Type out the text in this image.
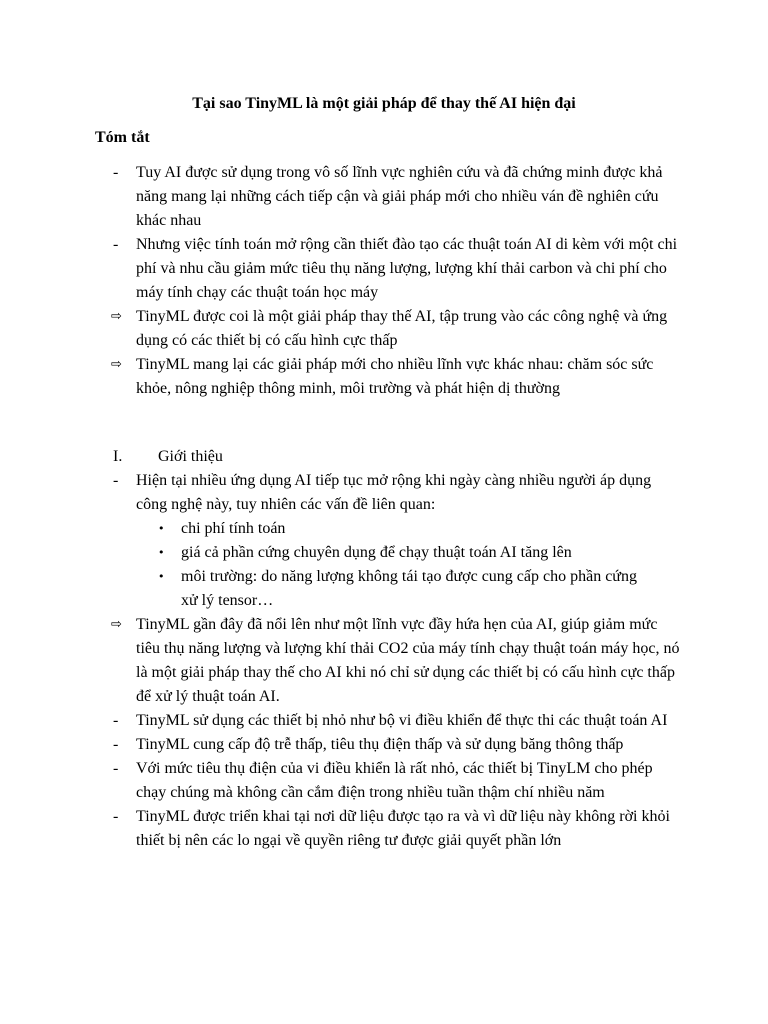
Tại sao TinyML là một giải pháp để thay thế AI hiện đại
Tóm tắt
- Tuy AI được sử dụng trong vô số lĩnh vực nghiên cứu và đã chứng minh được khả năng mang lại những cách tiếp cận và giải pháp mới cho nhiều ván đề nghiên cứu khác nhau
- Nhưng việc tính toán mở rộng cần thiết đào tạo các thuật toán AI di kèm với một chi phí và nhu cầu giảm mức tiêu thụ năng lượng, lượng khí thải carbon và chi phí cho máy tính chạy các thuật toán học máy
⇨ TinyML được coi là một giải pháp thay thế AI, tập trung vào các công nghệ và ứng dụng có các thiết bị có cấu hình cực thấp
⇨ TinyML mang lại các giải pháp mới cho nhiều lĩnh vực khác nhau: chăm sóc sức khỏe, nông nghiệp thông minh, môi trường và phát hiện dị thường
I. Giới thiệu
- Hiện tại nhiều ứng dụng AI tiếp tục mở rộng khi ngày càng nhiều người áp dụng công nghệ này, tuy nhiên các vấn đề liên quan:
• chi phí tính toán
• giá cả phần cứng chuyên dụng để chạy thuật toán AI tăng lên
• môi trường: do năng lượng không tái tạo được cung cấp cho phần cứng xử lý tensor…
⇨ TinyML gần đây đã nổi lên như một lĩnh vực đầy hứa hẹn của AI, giúp giảm mức tiêu thụ năng lượng và lượng khí thải CO2 của máy tính chạy thuật toán máy học, nó là một giải pháp thay thế cho AI khi nó chỉ sử dụng các thiết bị có cấu hình cực thấp để xử lý thuật toán AI.
- TinyML sử dụng các thiết bị nhỏ như bộ vi điều khiển để thực thi các thuật toán AI
- TinyML cung cấp độ trễ thấp, tiêu thụ điện thấp và sử dụng băng thông thấp
- Với mức tiêu thụ điện của vi điều khiển là rất nhỏ, các thiết bị TinyLM cho phép chạy chúng mà không cần cắm điện trong nhiều tuần thậm chí nhiều năm
- TinyML được triển khai tại nơi dữ liệu được tạo ra và vì dữ liệu này không rời khỏi thiết bị nên các lo ngại về quyền riêng tư được giải quyết phần lớn
